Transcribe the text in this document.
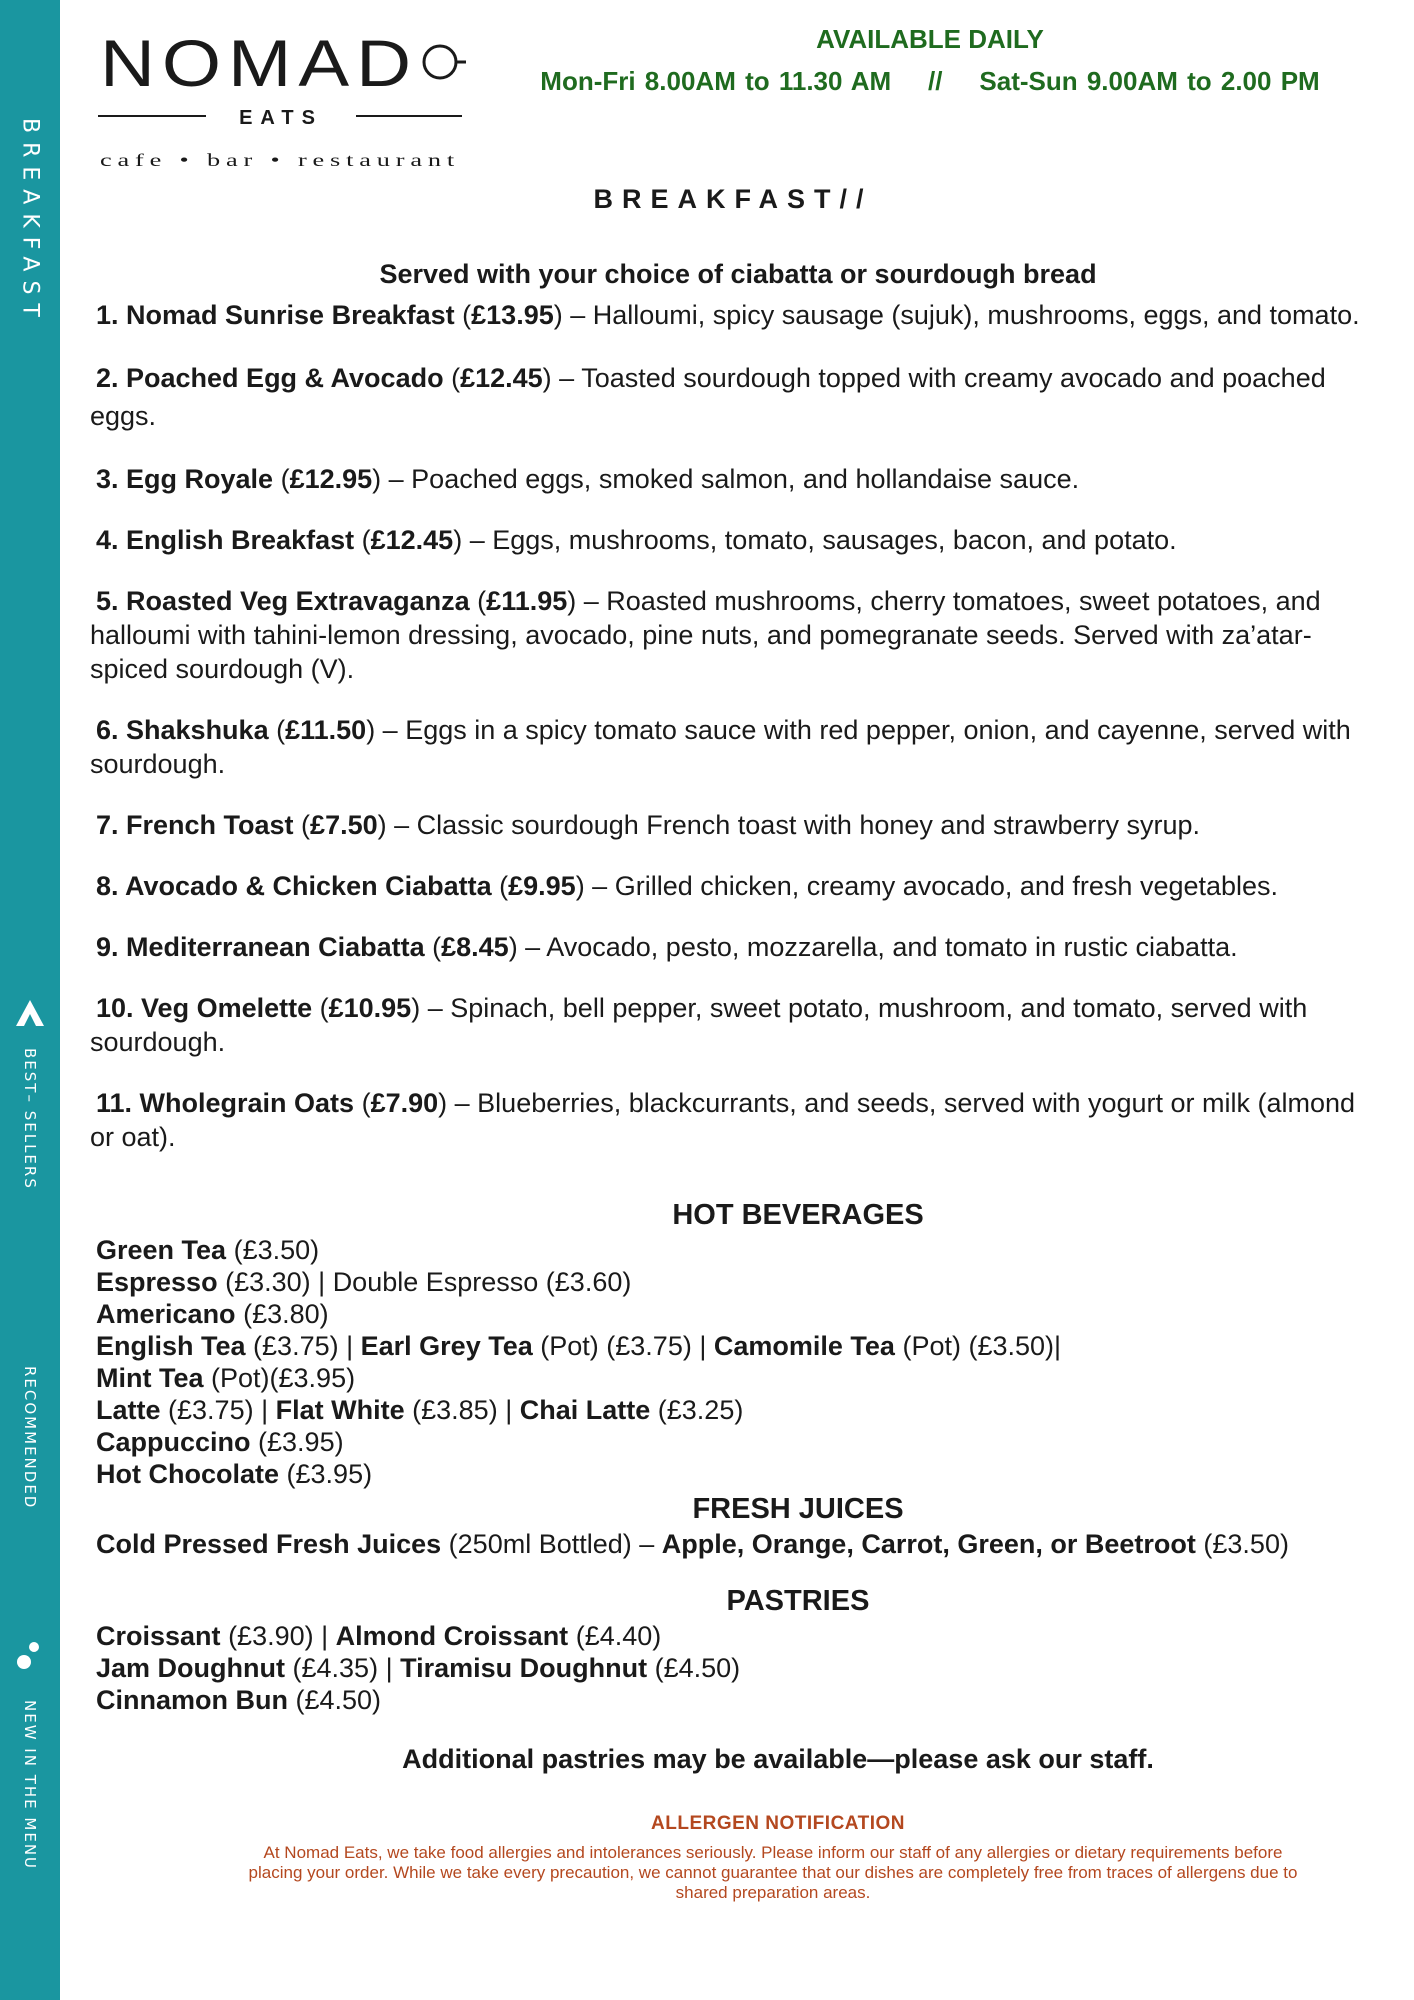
BREAKFAST
BEST– SELLERS
RECOMMENDED
NEW IN THE MENU
NOMAD
EATS
cafe • bar • restaurant
AVAILABLE DAILY
Mon-Fri 8.00AM to 11.30 AM    //    Sat-Sun 9.00AM to 2.00 PM
BREAKFAST//
Served with your choice of ciabatta or sourdough bread
1. Nomad Sunrise Breakfast (£13.95) – Halloumi, spicy sausage (sujuk), mushrooms, eggs, and tomato.
2. Poached Egg & Avocado (£12.45) – Toasted sourdough topped with creamy avocado and poached eggs.
3. Egg Royale (£12.95) – Poached eggs, smoked salmon, and hollandaise sauce.
4. English Breakfast (£12.45) – Eggs, mushrooms, tomato, sausages, bacon, and potato.
5. Roasted Veg Extravaganza (£11.95) – Roasted mushrooms, cherry tomatoes, sweet potatoes, and halloumi with tahini-lemon dressing, avocado, pine nuts, and pomegranate seeds. Served with za’atar-spiced sourdough (V).
6. Shakshuka (£11.50) – Eggs in a spicy tomato sauce with red pepper, onion, and cayenne, served with sourdough.
7. French Toast (£7.50) – Classic sourdough French toast with honey and strawberry syrup.
8. Avocado & Chicken Ciabatta (£9.95) – Grilled chicken, creamy avocado, and fresh vegetables.
9. Mediterranean Ciabatta (£8.45) – Avocado, pesto, mozzarella, and tomato in rustic ciabatta.
10. Veg Omelette (£10.95) – Spinach, bell pepper, sweet potato, mushroom, and tomato, served with sourdough.
11. Wholegrain Oats (£7.90) – Blueberries, blackcurrants, and seeds, served with yogurt or milk (almond or oat).
HOT BEVERAGES
Green Tea (£3.50)
Espresso (£3.30) | Double Espresso (£3.60)
Americano (£3.80)
English Tea (£3.75) | Earl Grey Tea (Pot) (£3.75) | Camomile Tea (Pot) (£3.50)|
Mint Tea (Pot)(£3.95)
Latte (£3.75) | Flat White (£3.85) | Chai Latte (£3.25)
Cappuccino (£3.95)
Hot Chocolate (£3.95)
FRESH JUICES
Cold Pressed Fresh Juices (250ml Bottled) – Apple, Orange, Carrot, Green, or Beetroot (£3.50)
PASTRIES
Croissant (£3.90) | Almond Croissant (£4.40)
Jam Doughnut (£4.35) | Tiramisu Doughnut (£4.50)
Cinnamon Bun (£4.50)
Additional pastries may be available—please ask our staff.
ALLERGEN NOTIFICATION
At Nomad Eats, we take food allergies and intolerances seriously. Please inform our staff of any allergies or dietary requirements before placing your order. While we take every precaution, we cannot guarantee that our dishes are completely free from traces of allergens due to shared preparation areas.
